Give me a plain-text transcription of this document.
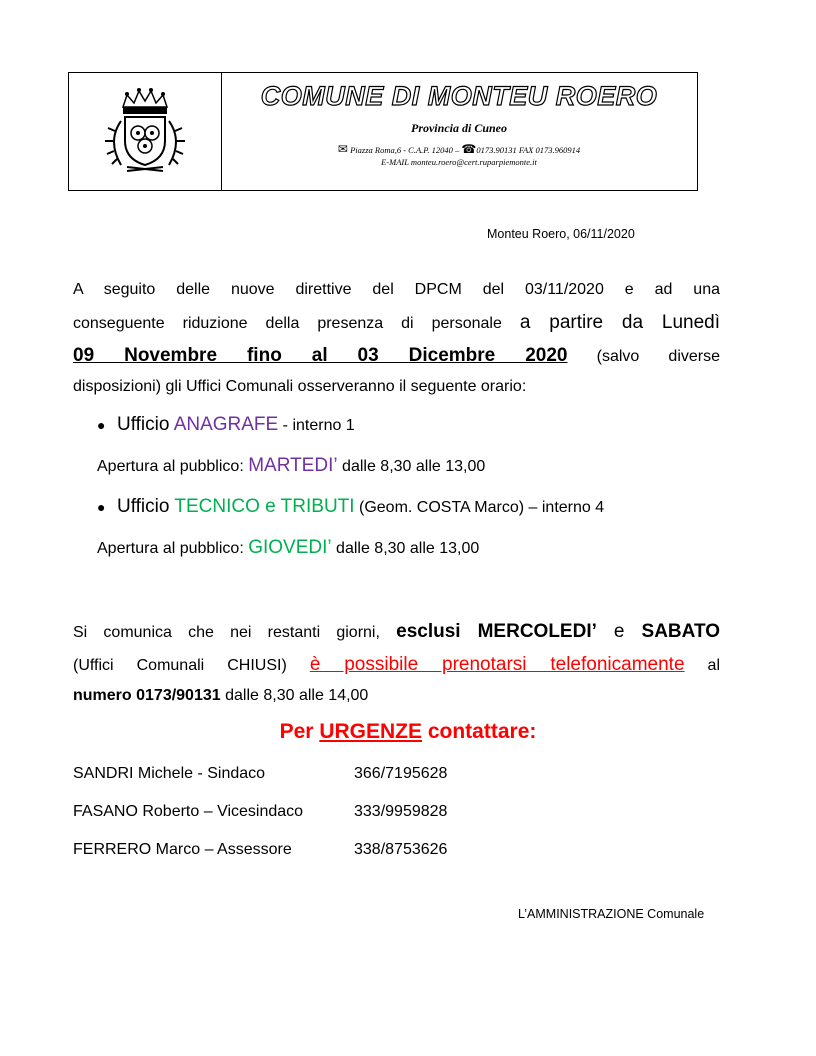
COMUNE DI MONTEU ROERO
Provincia di Cuneo
✉ Piazza Roma,6 - C.A.P. 12040 – ☎0173.90131 FAX 0173.960914
E-MAIL monteu.roero@cert.ruparpiemonte.it
Monteu Roero, 06/11/2020
A seguito delle nuove direttive del DPCM del 03/11/2020 e ad una
conseguente riduzione della presenza di personale a partire da Lunedì
09 Novembre fino al 03 Dicembre 2020 (salvo diverse
disposizioni) gli Uffici Comunali osserveranno il seguente orario:
● Ufficio ANAGRAFE - interno 1
Apertura al pubblico: MARTEDI’ dalle 8,30 alle 13,00
● Ufficio TECNICO e TRIBUTI (Geom. COSTA Marco) – interno 4
Apertura al pubblico: GIOVEDI’ dalle 8,30 alle 13,00
Si comunica che nei restanti giorni, esclusi MERCOLEDI’ e SABATO
(Uffici Comunali CHIUSI) è possibile prenotarsi telefonicamente al
numero 0173/90131 dalle 8,30 alle 14,00
Per URGENZE contattare:
SANDRI Michele - Sindaco	366/7195628
FASANO Roberto – Vicesindaco	333/9959828
FERRERO Marco – Assessore	338/8753626
L’AMMINISTRAZIONE Comunale
